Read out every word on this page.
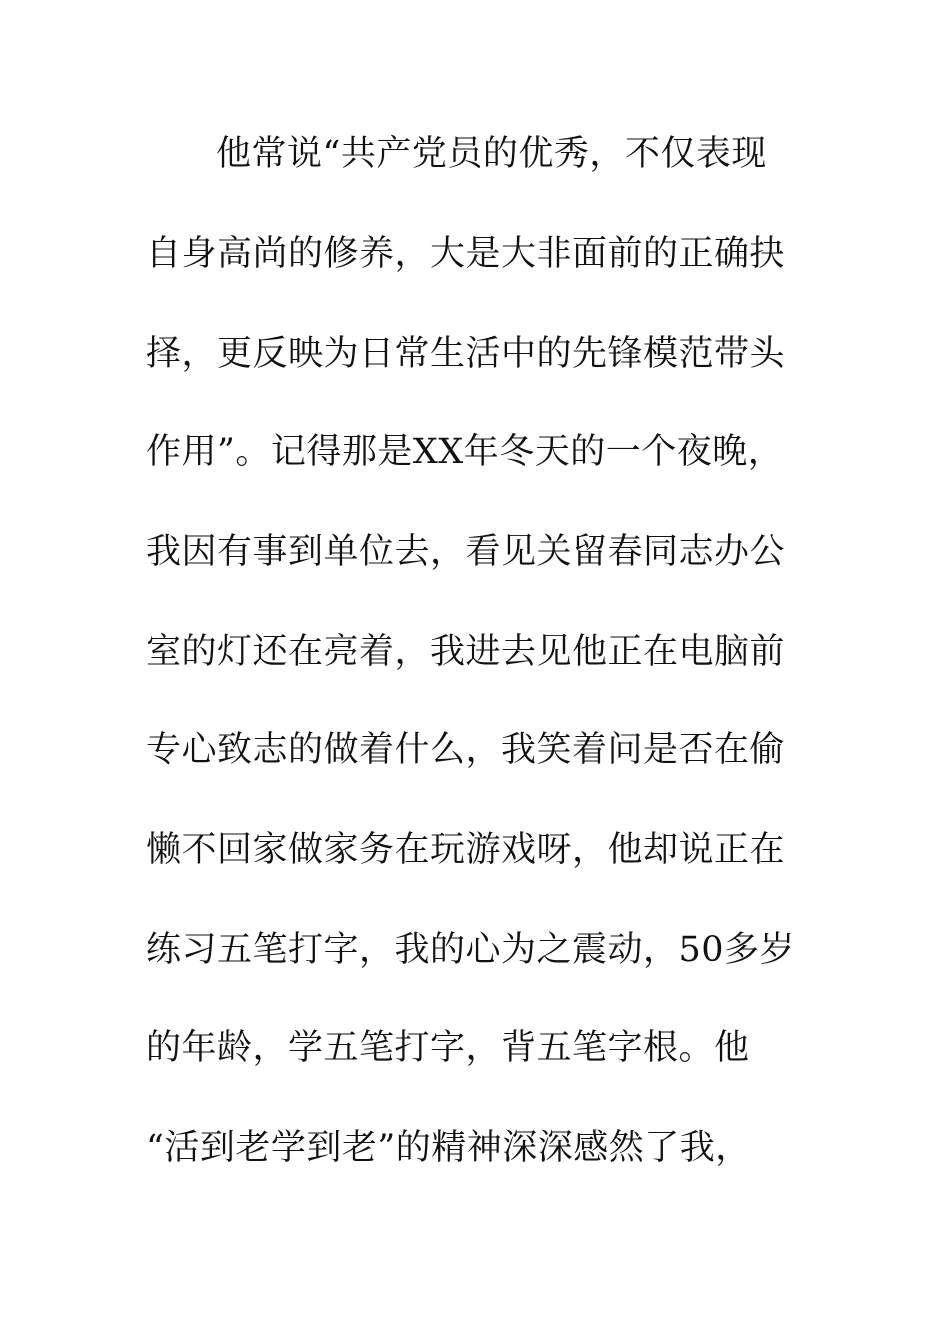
他常说“共产党员的优秀，不仅表现
自身高尚的修养，大是大非面前的正确抉
择，更反映为日常生活中的先锋模范带头
作用”。记得那是XX年冬天的一个夜晚，
我因有事到单位去，看见关留春同志办公
室的灯还在亮着，我进去见他正在电脑前
专心致志的做着什么，我笑着问是否在偷
懒不回家做家务在玩游戏呀，他却说正在
练习五笔打字，我的心为之震动，50多岁
的年龄，学五笔打字，背五笔字根。他
“活到老学到老”的精神深深感然了我，
